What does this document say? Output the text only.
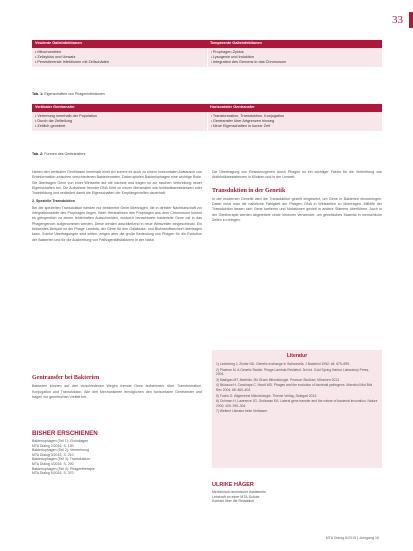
33
Virulente Galleinfektionen	Temperente Galleinfektionen
• Mitochondrien
• Zellzyklus und Umsatz
• Persistierende Infektionen mit Zellschäden
• Prophagen-Zyklus
• Lysogenie und Induktion
• Integration des Genoms in das Chromosom
Tab. 1: Eigenschaften von Phageninfektionen
Vertikaler Gentransfer	Horizontaler Gentransfer
• Vererbung innerhalb der Population
• Durch die Zellteilung
• Zeitlich geordnet
• Transformation, Transduktion, Konjugation
• Gentransfer über Artgrenzen hinweg
• Neue Eigenschaften in kurzer Zeit
Tab. 2: Formen des Gentransfers

Neben den vertikalen Genflüssen innerhalb einer Art kommt es auch zu einem horizontalen Austausch von Erbinformation zwischen verschiedenen Bakterienarten. Dabei spielen Bakteriophagen eine wichtige Rolle. Sie übertragen Gene von einer Wirtszelle auf die nächste und tragen so zur raschen Verbreitung neuer Eigenschaften bei. Die Aufnahme fremder DNA führt zu neuen Merkmalen wie Antibiotikaresistenzen oder Toxinbildung und verändert damit die Eigenschaften der Empfängerzellen dauerhaft.

2. Spezielle Transduktion

Bei der speziellen Transduktion werden nur bestimmte Gene übertragen, die in direkter Nachbarschaft zur Integrationsstelle des Prophagen liegen. Beim Herauslösen des Prophagen aus dem Chromosom kommt es gelegentlich zu einem fehlerhaften Ausschneiden, wodurch benachbarte bakterielle Gene mit in das Phagengenom aufgenommen werden. Diese werden anschließend in neue Wirtszellen eingeschleust. Ein bekanntes Beispiel ist der Phage Lambda, der Gene für den Galaktose- und Biotinstoffwechsel übertragen kann. Solche Übertragungen sind selten, zeigen aber die große Bedeutung von Phagen für die Evolution der Bakterien und für die Ausbreitung von Pathogenitätsfaktoren in der Natur.

Gentransfer bei Bakterien

Bakterien können auf drei verschiedenen Wegen fremde Gene aufnehmen: über Transformation, Konjugation und Transduktion. Alle drei Mechanismen ermöglichen den horizontalen Gentransfer und tragen zur genetischen Vielfalt bei.

Die Übertragung von Resistenzgenen durch Phagen ist ein wichtiger Faktor für die Verbreitung von Antibiotikaresistenzen in Kliniken und in der Umwelt.

Transduktion in der Genetik

In der modernen Genetik wird die Transduktion gezielt eingesetzt, um Gene in Bakterien einzubringen. Dabei nutzt man die natürliche Fähigkeit der Phagen, DNA in Wirtszellen zu übertragen. Mithilfe der Transduktion lassen sich Gene kartieren und Mutationen gezielt in andere Stämme überführen. Auch in der Gentherapie werden abgeleitete virale Vektoren verwendet, um genetisches Material in menschliche Zellen zu bringen.

Literatur
1) Lederberg J, Zinder ND. Genetic exchange in Salmonella. J Bacteriol 1952; 64: 679–699.
2) Ptashne M. A Genetic Switch: Phage Lambda Revisited. 3rd ed. Cold Spring Harbor Laboratory Press, 2004.
3) Madigan MT, Martinko JM. Brock Mikrobiologie. Pearson Studium, München 2013.
4) Brüssow H, Canchaya C, Hardt WD. Phages and the evolution of bacterial pathogens. Microbiol Mol Biol Rev 2004; 68: 560–602.
5) Fuchs G. Allgemeine Mikrobiologie. Thieme Verlag, Stuttgart 2014.
6) Ochman H, Lawrence JG, Groisman EA. Lateral gene transfer and the nature of bacterial innovation. Nature 2000; 405: 299–304.
7) Weitere Literatur beim Verfasser.
BISHER ERSCHIENEN
Bakteriophagen (Teil 1): Grundlagen
MTA Dialog 2/2015, S. 130
Bakteriophagen (Teil 2): Vermehrung
MTA Dialog 3/2015, S. 210
Bakteriophagen (Teil 3): Transduktion
MTA Dialog 4/2015, S. 290
Bakteriophagen (Teil 4): Phagentherapie
MTA Dialog 5/2015, S. 370
ULRIKE HÄGER
Medizinisch-technische Assistentin
Lehrkraft an einer MTA-Schule
Kontakt über die Redaktion
MTA Dialog 6/2015 | Jahrgang 16
